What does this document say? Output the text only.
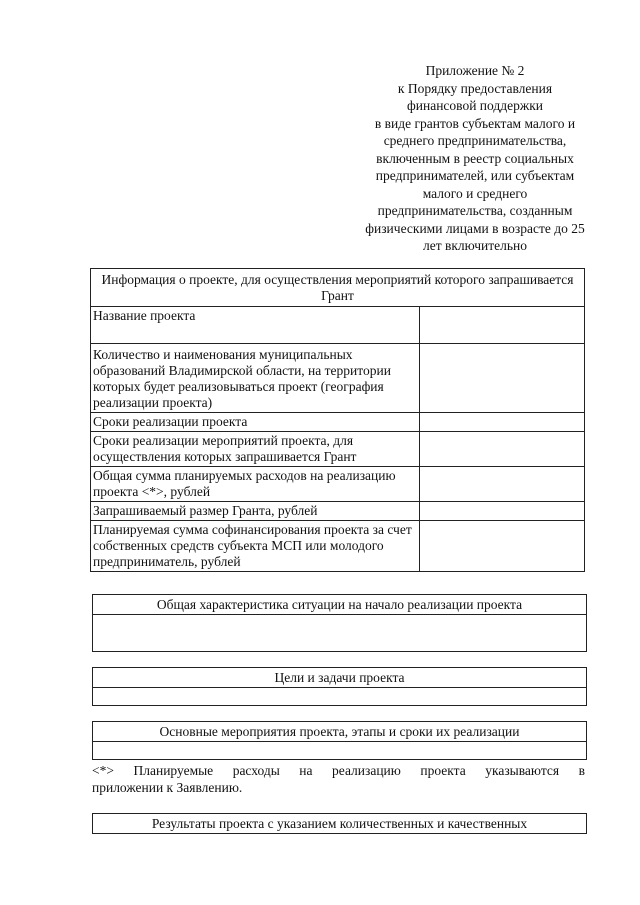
Приложение № 2
к Порядку предоставления
финансовой поддержки
в виде грантов субъектам малого и
среднего предпринимательства,
включенным в реестр социальных
предпринимателей, или субъектам
малого и среднего
предпринимательства, созданным
физическими лицами в возрасте до 25
лет включительно
Информация о проекте, для осуществления мероприятий которого запрашивается Грант	
Название проекта	
Количество и наименования муниципальных образований Владимирской области, на территории которых будет реализовываться проект (география реализации проекта)	
Сроки реализации проекта	
Сроки реализации мероприятий проекта, для осуществления которых запрашивается Грант	
Общая сумма планируемых расходов на реализацию проекта <*>, рублей	
Запрашиваемый размер Гранта, рублей	
Планируемая сумма софинансирования проекта за счет собственных средств субъекта МСП или молодого предприниматель, рублей	
Общая характеристика ситуации на начало реализации проекта
Цели и задачи проекта
Основные мероприятия проекта, этапы и сроки их реализации
<*> Планируемые расходы на реализацию проекта указываются в
приложении к Заявлению.
Результаты проекта с указанием количественных и качественных
